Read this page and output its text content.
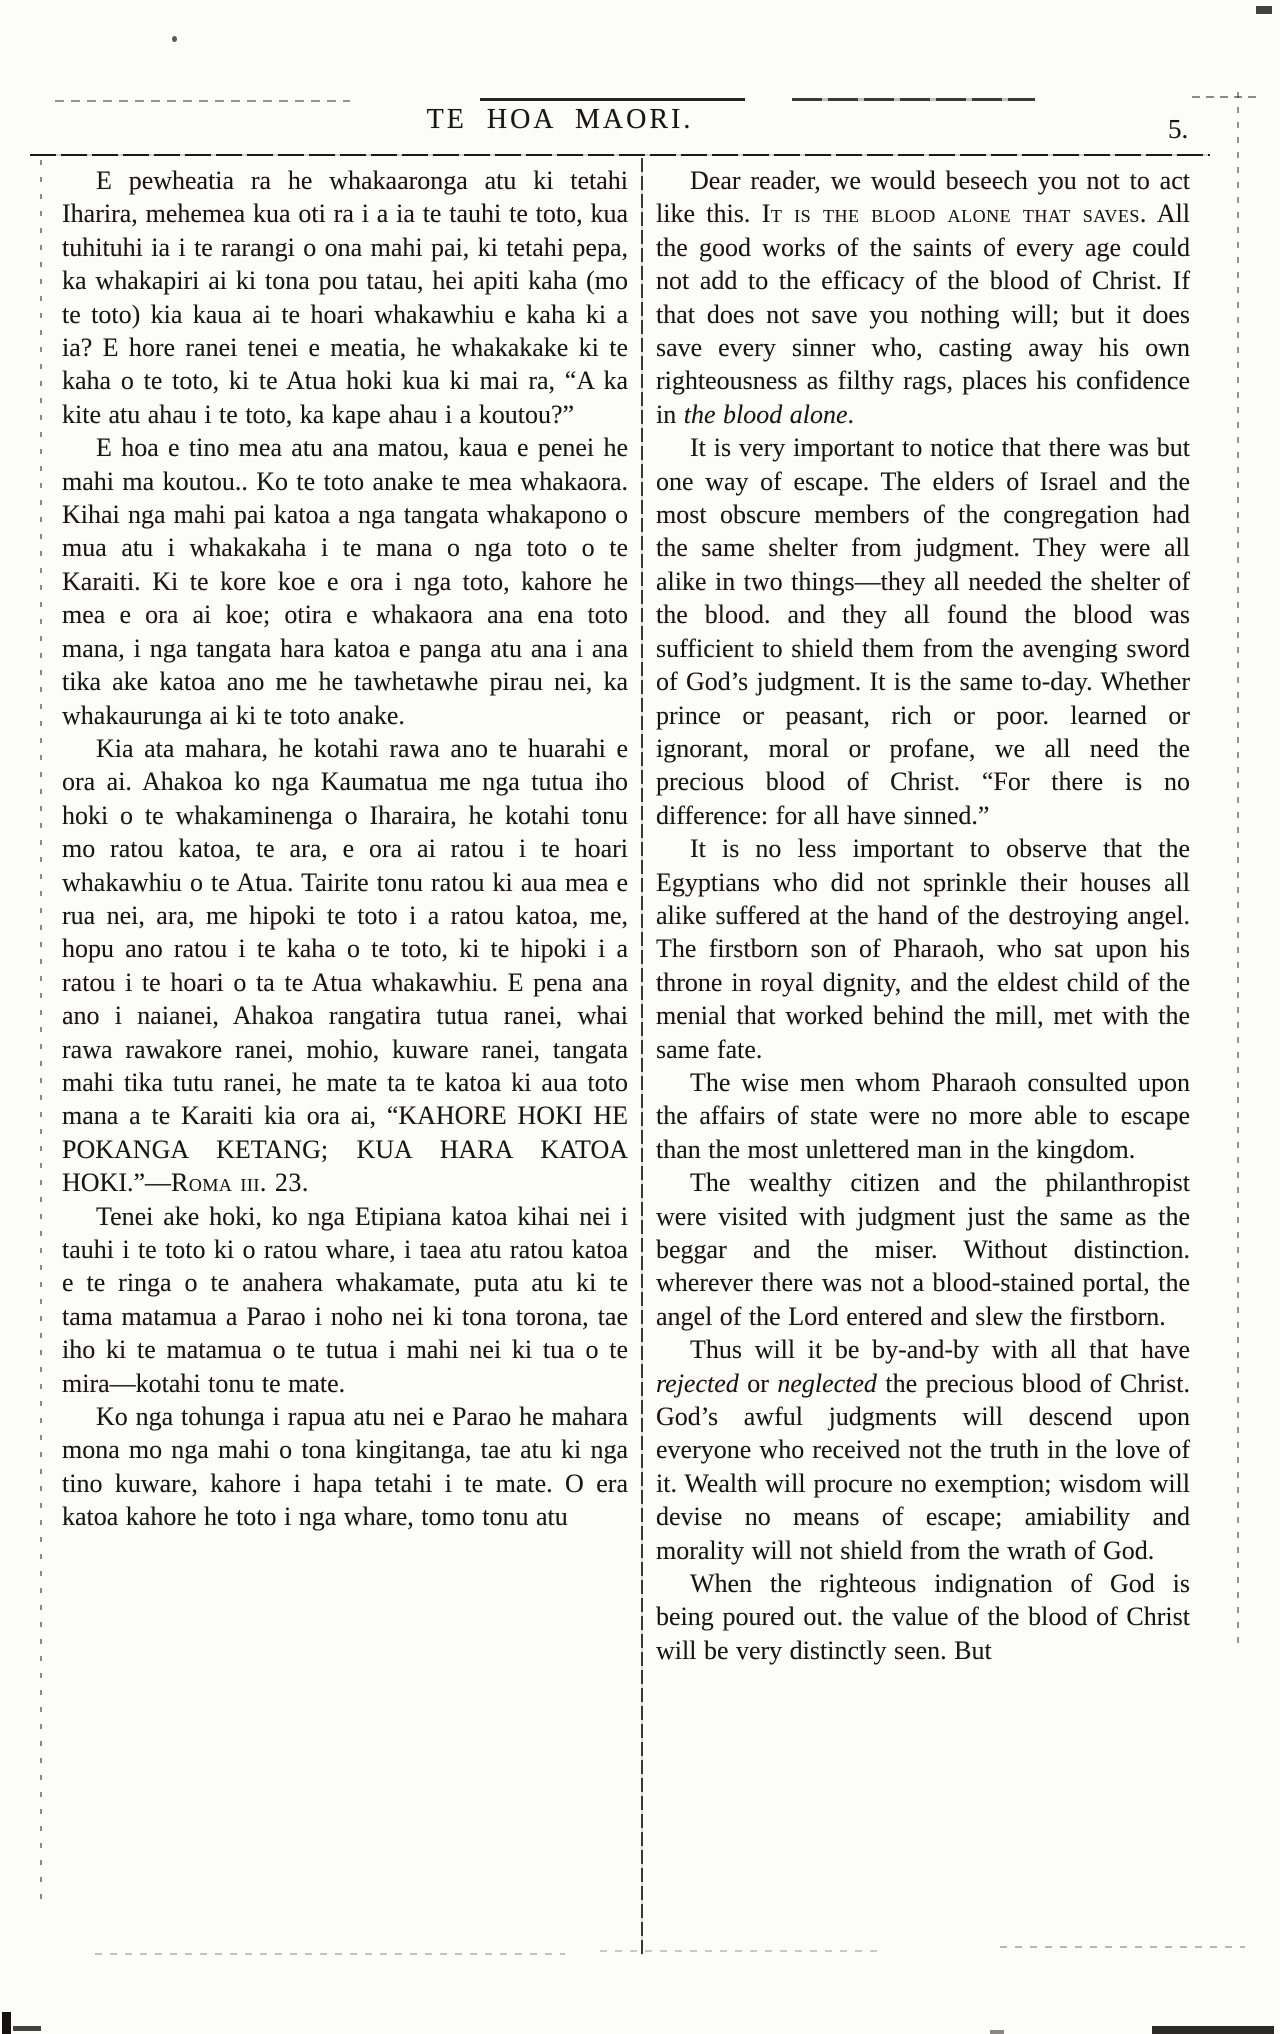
TE HOA MAORI.	5.

E pewheatia ra he whakaaronga atu ki tetahi Iharira, mehemea kua oti ra i a ia te tauhi te toto, kua tuhituhi ia i te rarangi o ona mahi pai, ki tetahi pepa, ka whakapiri ai ki tona pou tatau, hei apiti kaha (mo te toto) kia kaua ai te hoari whakawhiu e kaha ki a ia? E hore ranei tenei e meatia, he whakakake ki te kaha o te toto, ki te Atua hoki kua ki mai ra, “A ka kite atu ahau i te toto, ka kape ahau i a koutou?”

E hoa e tino mea atu ana matou, kaua e penei he mahi ma koutou.. Ko te toto anake te mea whakaora. Kihai nga mahi pai katoa a nga tangata whakapono o mua atu i whakakaha i te mana o nga toto o te Karaiti. Ki te kore koe e ora i nga toto, kahore he mea e ora ai koe; otira e whakaora ana ena toto mana, i nga tangata hara katoa e panga atu ana i ana tika ake katoa ano me he tawhetawhe pirau nei, ka whakaurunga ai ki te toto anake.

Kia ata mahara, he kotahi rawa ano te huarahi e ora ai. Ahakoa ko nga Kaumatua me nga tutua iho hoki o te whakaminenga o Iharaira, he kotahi tonu mo ratou katoa, te ara, e ora ai ratou i te hoari whakawhiu o te Atua. Tairite tonu ratou ki aua mea e rua nei, ara, me hipoki te toto i a ratou katoa, me, hopu ano ratou i te kaha o te toto, ki te hipoki i a ratou i te hoari o ta te Atua whakawhiu. E pena ana ano i naianei, Ahakoa rangatira tutua ranei, whai rawa rawakore ranei, mohio, kuware ranei, tangata mahi tika tutu ranei, he mate ta te katoa ki aua toto mana a te Karaiti kia ora ai, “KAHORE HOKI HE POKANGA KETANG; KUA HARA KATOA HOKI.”—Roma iii. 23.

Tenei ake hoki, ko nga Etipiana katoa kihai nei i tauhi i te toto ki o ratou whare, i taea atu ratou katoa e te ringa o te anahera whakamate, puta atu ki te tama matamua a Parao i noho nei ki tona torona, tae iho ki te matamua o te tutua i mahi nei ki tua o te mira—kotahi tonu te mate.

Ko nga tohunga i rapua atu nei e Parao he mahara mona mo nga mahi o tona kingitanga, tae atu ki nga tino kuware, kahore i hapa tetahi i te mate. O era katoa kahore he toto i nga whare, tomo tonu atu

Dear reader, we would beseech you not to act like this. It is the blood alone that saves. All the good works of the saints of every age could not add to the efficacy of the blood of Christ. If that does not save you nothing will; but it does save every sinner who, casting away his own righteousness as filthy rags, places his confidence in the blood alone.

It is very important to notice that there was but one way of escape. The elders of Israel and the most obscure members of the congregation had the same shelter from judgment. They were all alike in two things—they all needed the shelter of the blood. and they all found the blood was sufficient to shield them from the avenging sword of God’s judgment. It is the same to-day. Whether prince or peasant, rich or poor. learned or ignorant, moral or profane, we all need the precious blood of Christ. “For there is no difference: for all have sinned.”

It is no less important to observe that the Egyptians who did not sprinkle their houses all alike suffered at the hand of the destroying angel. The firstborn son of Pharaoh, who sat upon his throne in royal dignity, and the eldest child of the menial that worked behind the mill, met with the same fate.

The wise men whom Pharaoh consulted upon the affairs of state were no more able to escape than the most unlettered man in the kingdom.

The wealthy citizen and the philanthropist were visited with judgment just the same as the beggar and the miser. Without distinction. wherever there was not a blood-stained portal, the angel of the Lord entered and slew the firstborn.

Thus will it be by-and-by with all that have rejected or neglected the precious blood of Christ. God’s awful judgments will descend upon everyone who received not the truth in the love of it. Wealth will procure no exemption; wisdom will devise no means of escape; amiability and morality will not shield from the wrath of God.

When the righteous indignation of God is being poured out. the value of the blood of Christ will be very distinctly seen. But
